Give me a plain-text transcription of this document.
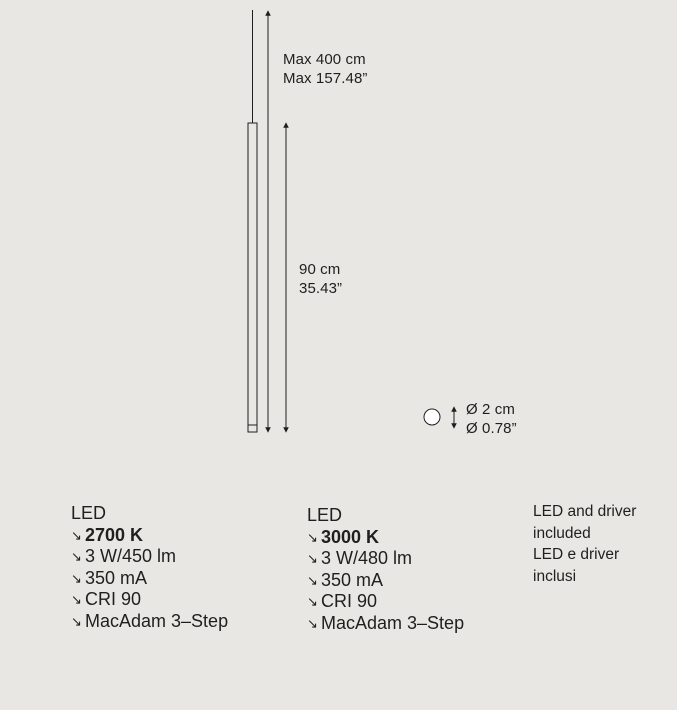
Max 400 cm
Max 157.48”
90 cm
35.43”
Ø 2 cm
Ø 0.78”
LED
↘ 2700 K
↘ 3 W/450 lm
↘ 350 mA
↘ CRI 90
↘ MacAdam 3–Step
LED
↘ 3000 K
↘ 3 W/480 lm
↘ 350 mA
↘ CRI 90
↘ MacAdam 3–Step
LED and driver
included
LED e driver
inclusi
